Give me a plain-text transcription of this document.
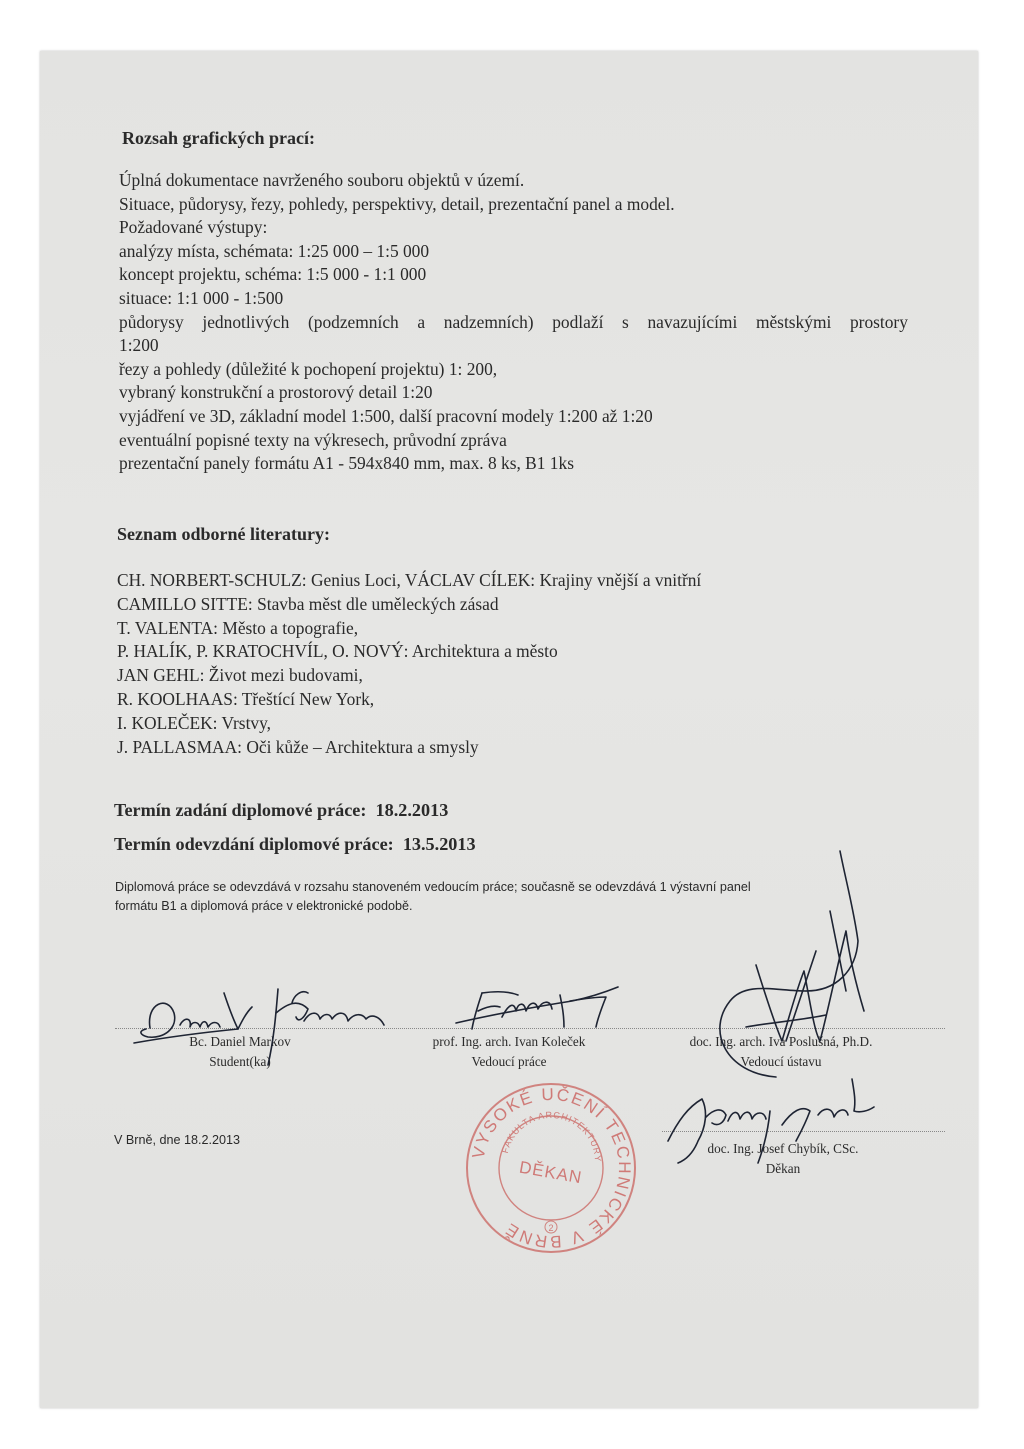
Rozsah grafických prací:
Úplná dokumentace navrženého souboru objektů v území.
Situace, půdorysy, řezy, pohledy, perspektivy, detail, prezentační panel a model.
Požadované výstupy:
analýzy místa, schémata: 1:25 000 – 1:5 000
koncept projektu, schéma: 1:5 000 - 1:1 000
situace: 1:1 000 - 1:500
půdorysy jednotlivých (podzemních a nadzemních) podlaží s navazujícími městskými prostory
1:200
řezy a pohledy (důležité k pochopení projektu) 1: 200,
vybraný konstrukční a prostorový detail 1:20
vyjádření ve 3D, základní model 1:500, další pracovní modely 1:200 až 1:20
eventuální popisné texty na výkresech, průvodní zpráva
prezentační panely formátu A1 - 594x840 mm, max. 8 ks, B1 1ks
Seznam odborné literatury:
CH. NORBERT-SCHULZ: Genius Loci, VÁCLAV CÍLEK: Krajiny vnější a vnitřní
CAMILLO SITTE: Stavba měst dle uměleckých zásad
T. VALENTA: Město a topografie,
P. HALÍK, P. KRATOCHVÍL, O. NOVÝ: Architektura a město
JAN GEHL: Život mezi budovami,
R. KOOLHAAS: Třeštící New York,
I. KOLEČEK: Vrstvy,
J. PALLASMAA: Oči kůže – Architektura a smysly
Termín zadání diplomové práce: 18.2.2013
Termín odevzdání diplomové práce: 13.5.2013
Diplomová práce se odevzdává v rozsahu stanoveném vedoucím práce; současně se odevzdává 1 výstavní panel
formátu B1 a diplomová práce v elektronické podobě.
Bc. Daniel Markov
Student(ka)
prof. Ing. arch. Ivan Koleček
Vedoucí práce
doc. Ing. arch. Iva Poslušná, Ph.D.
Vedoucí ústavu
doc. Ing. Josef Chybík, CSc.
Děkan
V Brně, dne 18.2.2013
VYSOKÉ UČENÍ TECHNICKÉ V BRNĚ
FAKULTA ARCHITEKTURY
DĚKAN
2
